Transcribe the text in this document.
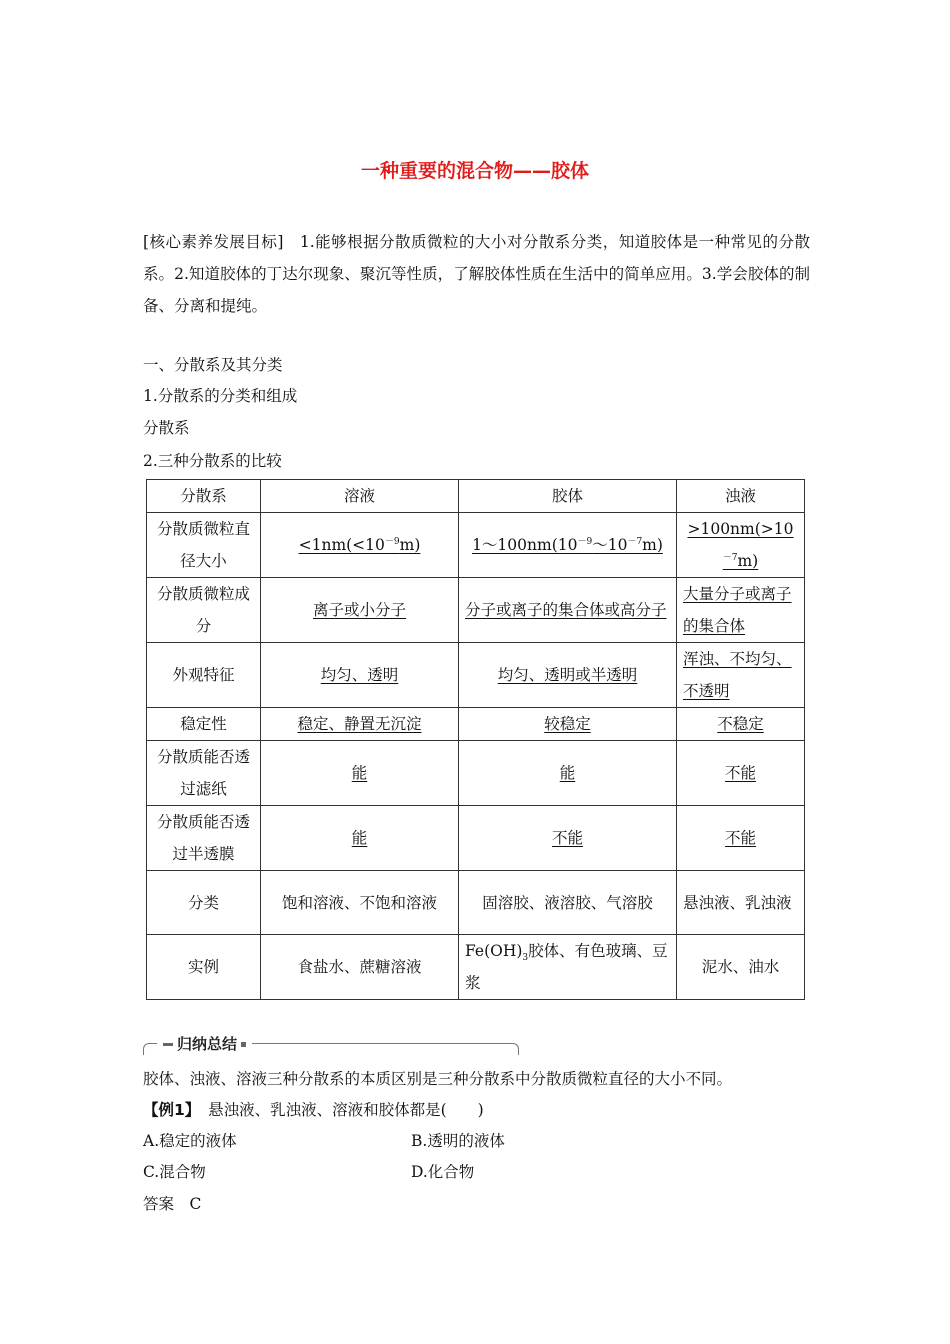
一种重要的混合物——胶体
[核心素养发展目标]　1.能够根据分散质微粒的大小对分散系分类，知道胶体是一种常见的分散系。2.知道胶体的丁达尔现象、聚沉等性质，了解胶体性质在生活中的简单应用。3.学会胶体的制备、分离和提纯。
一、分散系及其分类
1.分散系的分类和组成
分散系
2.三种分散系的比较
分散系	溶液	胶体	浊液
分散质微粒直径大小	$<1nm(<10^{-9}m)$	$1\sim 100nm(10^{-9}\sim 10^{-7}m)$	$>100nm(>10^{-7}m)$
分散质微粒成分	离子或小分子	分子或离子的集合体或高分子	大量分子或离子的集合体
外观特征	均匀、透明	均匀、透明或半透明	浑浊、不均匀、不透明
稳定性	稳定、静置无沉淀	较稳定	不稳定
分散质能否透过滤纸	能	能	不能
分散质能否透过半透膜	能	不能	不能
分类	饱和溶液、不饱和溶液	固溶胶、液溶胶、气溶胶	悬浊液、乳浊液
实例	食盐水、蔗糖溶液	$Fe(OH)_3$胶体、有色玻璃、豆浆	泥水、油水
归纳总结
胶体、浊液、溶液三种分散系的本质区别是三种分散系中分散质微粒直径的大小不同。
【例1】　 悬浊液、乳浊液、溶液和胶体都是(　　)
A.稳定的液体	B.透明的液体
C.混合物	D.化合物
答案　C
